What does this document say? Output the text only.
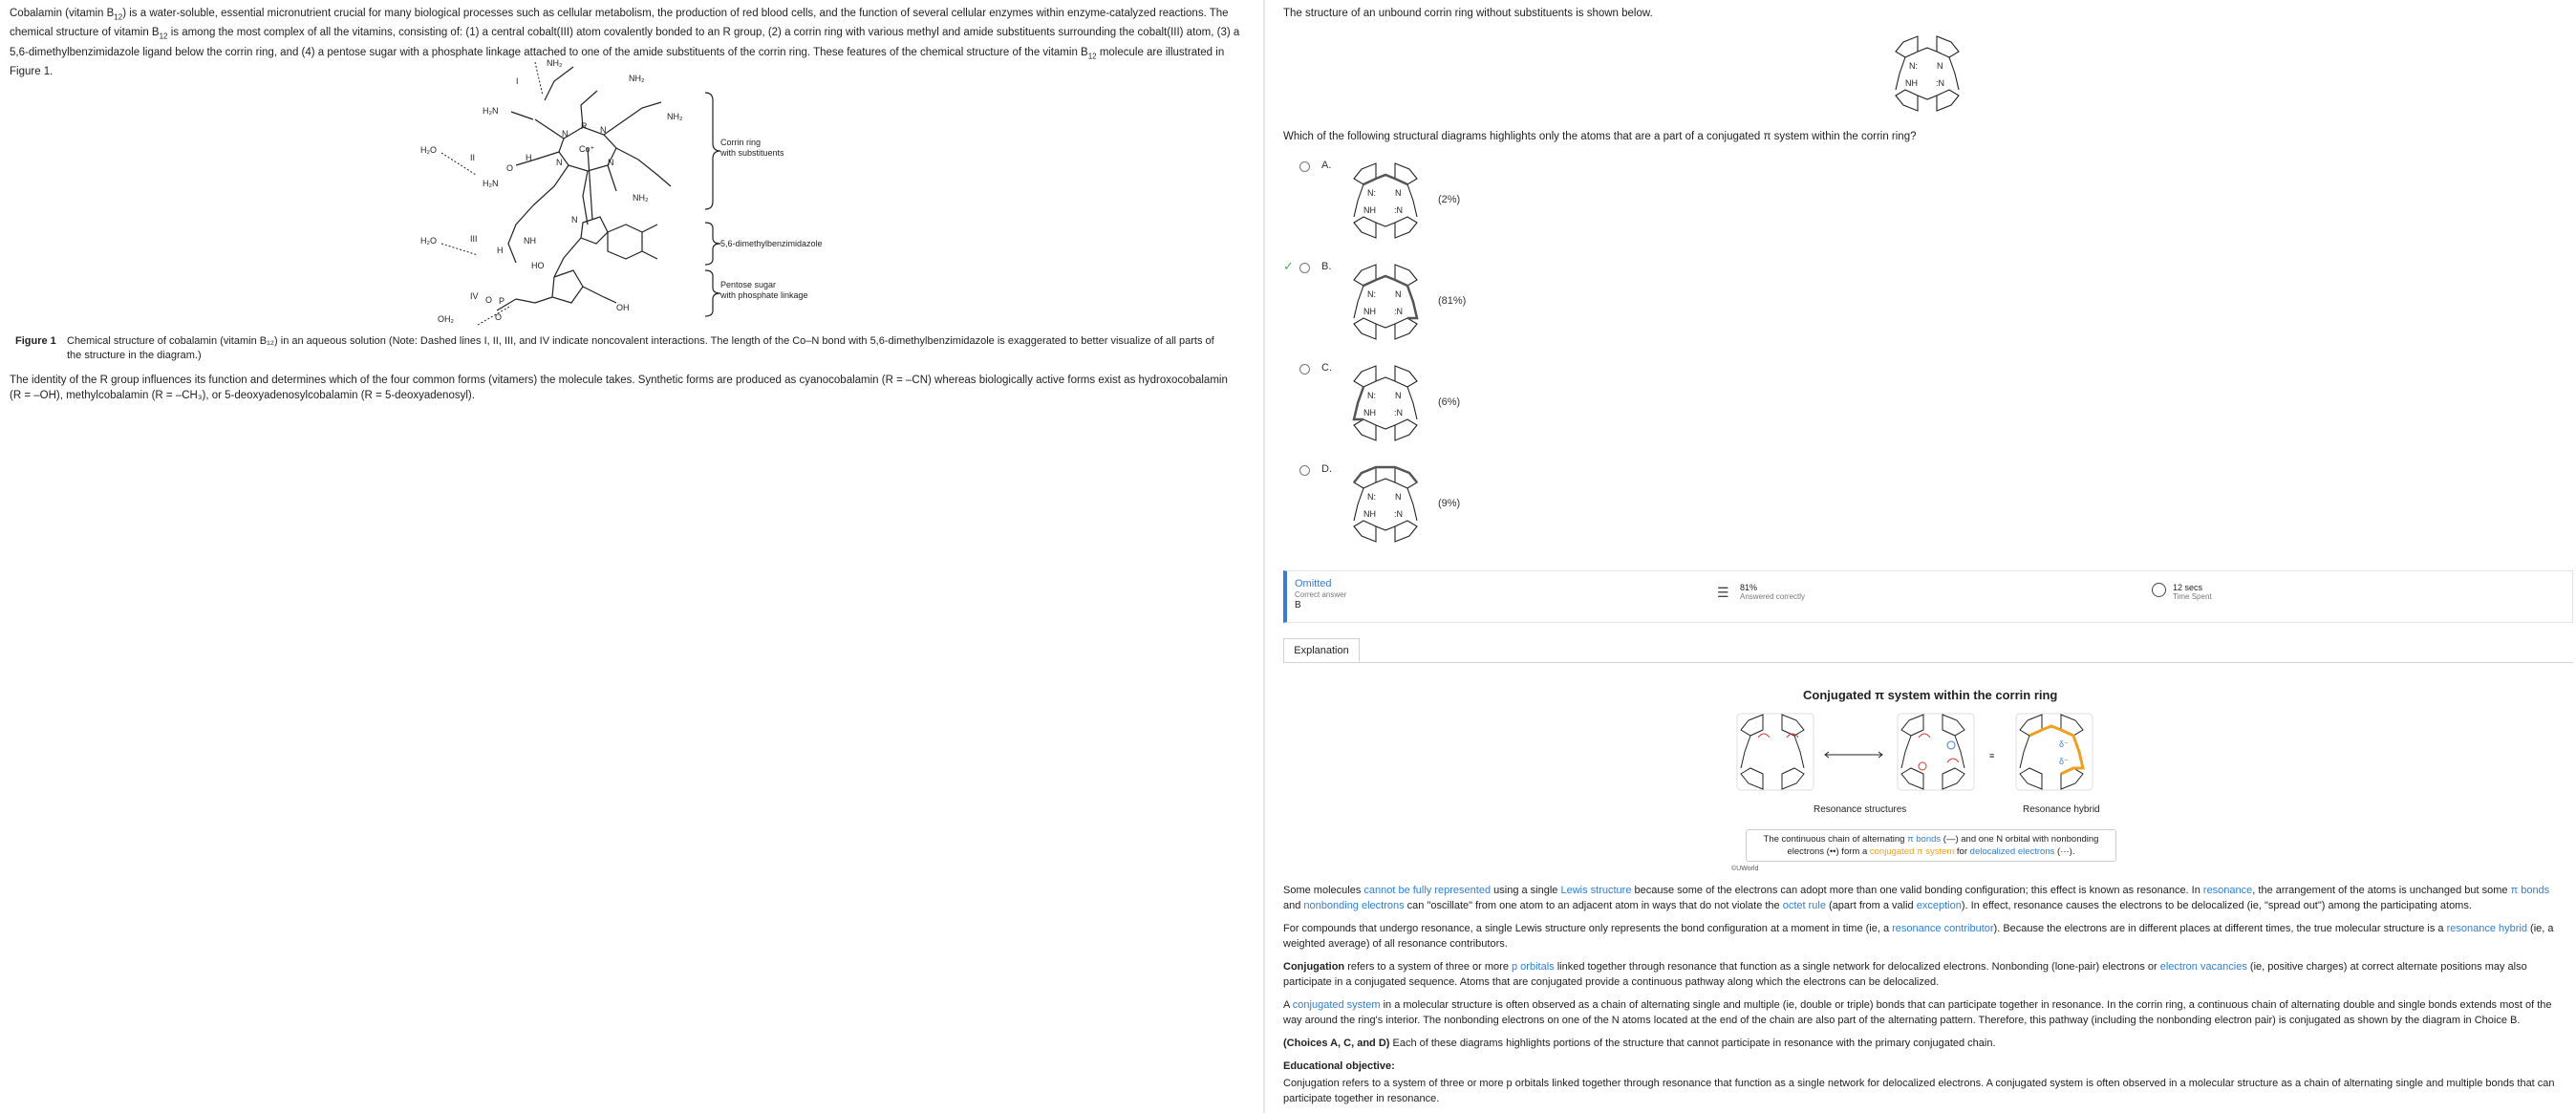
Cobalamin (vitamin $B_{12}$) is a water-soluble, essential micronutrient crucial for many biological processes such as cellular metabolism, the production of red blood cells, and the function of several cellular enzymes within enzyme-catalyzed reactions. The chemical structure of vitamin $B_{12}$ is among the most complex of all the vitamins, consisting of: (1) a central cobalt(III) atom covalently bonded to an R group, (2) a corrin ring with various methyl and amide substituents surrounding the cobalt(III) atom, (3) a 5,6-dimethylbenzimidazole ligand below the corrin ring, and (4) a pentose sugar with a phosphate linkage attached to one of the amide substituents of the corrin ring. These features of the chemical structure of the vitamin $B_{12}$ molecule are illustrated in Figure 1.

I
II
III
IV
H₂O
H₂O
OH₂
NH₂
NH₂
NH₂
NH₂
H₂N
H₂N
Co⁺
R
N	N
N	N
N
NH
HO
OH
P
O
O
O
H
H
Corrin ring
with substituents
5,6-dimethylbenzimidazole
Pentose sugar
with phosphate linkage
Figure 1 Chemical structure of cobalamin (vitamin B₁₂) in an aqueous solution (Note: Dashed lines I, II, III, and IV indicate noncovalent interactions. The length of the Co–N bond with 5,6-dimethylbenzimidazole is exaggerated to better visualize of all parts of the structure in the diagram.)

The identity of the R group influences its function and determines which of the four common forms (vitamers) the molecule takes. Synthetic forms are produced as cyanocobalamin (R = –CN) whereas biologically active forms exist as hydroxocobalamin (R = –OH), methylcobalamin (R = –CH₃), or 5-deoxyadenosylcobalamin (R = 5-deoxyadenosyl).

The structure of an unbound corrin ring without substituents is shown below.

N: N
NH :N

Which of the following structural diagrams highlights only the atoms that are a part of a conjugated π system within the corrin ring?

A.
N: N
NH :N
(2%)
✓	B.
N: N
NH :N
(81%)
C.
N: N
NH :N
(6%)
D.
N: N
NH :N
(9%)
Omitted
Correct answer
B
☰ 81%
Answered correctly
12 secs
Time Spent
Explanation
Conjugated π system within the corrin ring
≡
δ⁻
δ⁻
Resonance structures	Resonance hybrid
The continuous chain of alternating π bonds (—) and one N orbital with nonbonding
electrons (••) form a conjugated π system for delocalized electrons (···).
©UWorld
Some molecules cannot be fully represented using a single Lewis structure because some of the electrons can adopt more than one valid bonding configuration; this effect is known as resonance. In resonance, the arrangement of the atoms is unchanged but some π bonds and nonbonding electrons can "oscillate" from one atom to an adjacent atom in ways that do not violate the octet rule (apart from a valid exception). In effect, resonance causes the electrons to be delocalized (ie, "spread out") among the participating atoms.
For compounds that undergo resonance, a single Lewis structure only represents the bond configuration at a moment in time (ie, a resonance contributor). Because the electrons are in different places at different times, the true molecular structure is a resonance hybrid (ie, a weighted average) of all resonance contributors.
Conjugation refers to a system of three or more p orbitals linked together through resonance that function as a single network for delocalized electrons. Nonbonding (lone-pair) electrons or electron vacancies (ie, positive charges) at correct alternate positions may also participate in a conjugated sequence. Atoms that are conjugated provide a continuous pathway along which the electrons can be delocalized.
A conjugated system in a molecular structure is often observed as a chain of alternating single and multiple (ie, double or triple) bonds that can participate together in resonance. In the corrin ring, a continuous chain of alternating double and single bonds extends most of the way around the ring's interior. The nonbonding electrons on one of the N atoms located at the end of the chain are also part of the alternating pattern. Therefore, this pathway (including the nonbonding electron pair) is conjugated as shown by the diagram in Choice B.
(Choices A, C, and D) Each of these diagrams highlights portions of the structure that cannot participate in resonance with the primary conjugated chain.
Educational objective:
Conjugation refers to a system of three or more p orbitals linked together through resonance that function as a single network for delocalized electrons. A conjugated system is often observed in a molecular structure as a chain of alternating single and multiple bonds that can participate together in resonance.
